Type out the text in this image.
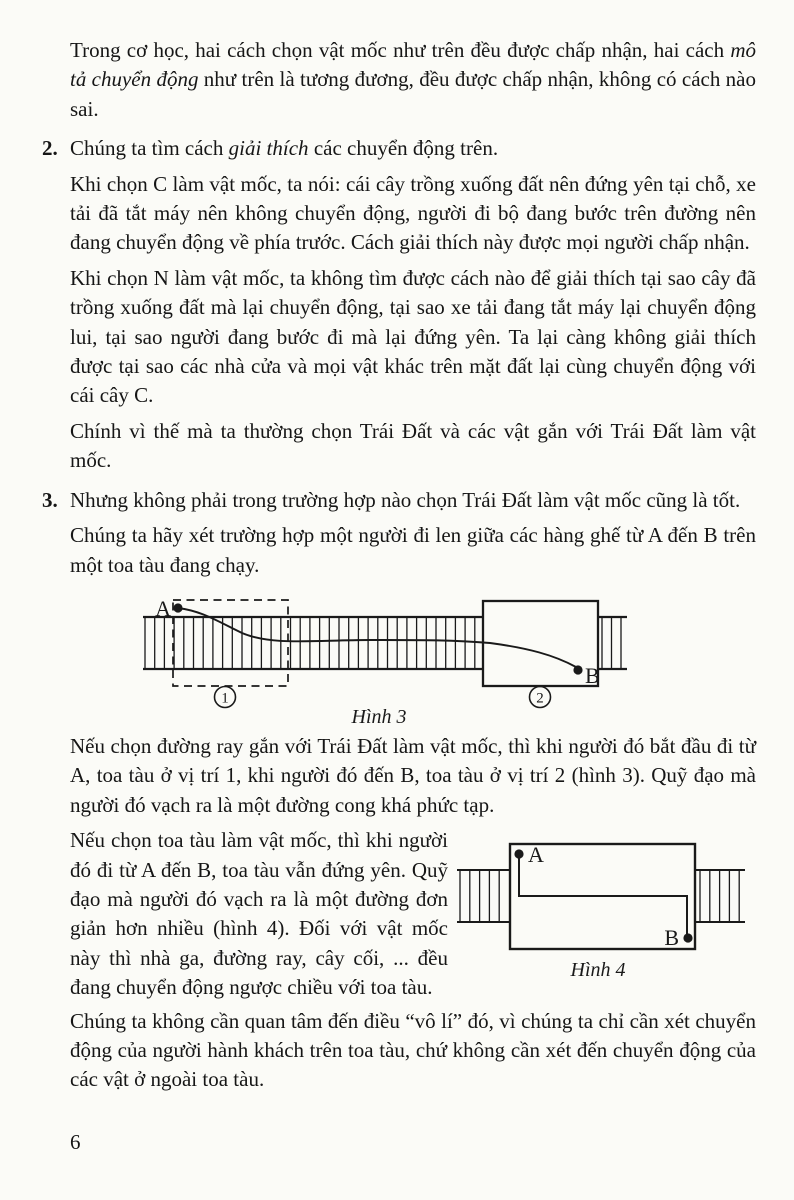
Trong cơ học, hai cách chọn vật mốc như trên đều được chấp nhận, hai cách mô tả chuyển động như trên là tương đương, đều được chấp nhận, không có cách nào sai.

2. Chúng ta tìm cách giải thích các chuyển động trên.

Khi chọn C làm vật mốc, ta nói: cái cây trồng xuống đất nên đứng yên tại chỗ, xe tải đã tắt máy nên không chuyển động, người đi bộ đang bước trên đường nên đang chuyển động về phía trước. Cách giải thích này được mọi người chấp nhận.

Khi chọn N làm vật mốc, ta không tìm được cách nào để giải thích tại sao cây đã trồng xuống đất mà lại chuyển động, tại sao xe tải đang tắt máy lại chuyển động lui, tại sao người đang bước đi mà lại đứng yên. Ta lại càng không giải thích được tại sao các nhà cửa và mọi vật khác trên mặt đất lại cùng chuyển động với cái cây C.

Chính vì thế mà ta thường chọn Trái Đất và các vật gắn với Trái Đất làm vật mốc.

3. Nhưng không phải trong trường hợp nào chọn Trái Đất làm vật mốc cũng là tốt.

Chúng ta hãy xét trường hợp một người đi len giữa các hàng ghế từ A đến B trên một toa tàu đang chạy.

A
B
1	2
Hình 3

Nếu chọn đường ray gắn với Trái Đất làm vật mốc, thì khi người đó bắt đầu đi từ A, toa tàu ở vị trí 1, khi người đó đến B, toa tàu ở vị trí 2 (hình 3). Quỹ đạo mà người đó vạch ra là một đường cong khá phức tạp.

Nếu chọn toa tàu làm vật mốc, thì khi người đó đi từ A đến B, toa tàu vẫn đứng yên. Quỹ đạo mà người đó vạch ra là một đường đơn giản hơn nhiều (hình 4). Đối với vật mốc này thì nhà ga, đường ray, cây cối, ... đều đang chuyển động ngược chiều với toa tàu.

A
B
Hình 4

Chúng ta không cần quan tâm đến điều “vô lí” đó, vì chúng ta chỉ cần xét chuyển động của người hành khách trên toa tàu, chứ không cần xét đến chuyển động của các vật ở ngoài toa tàu.

6
